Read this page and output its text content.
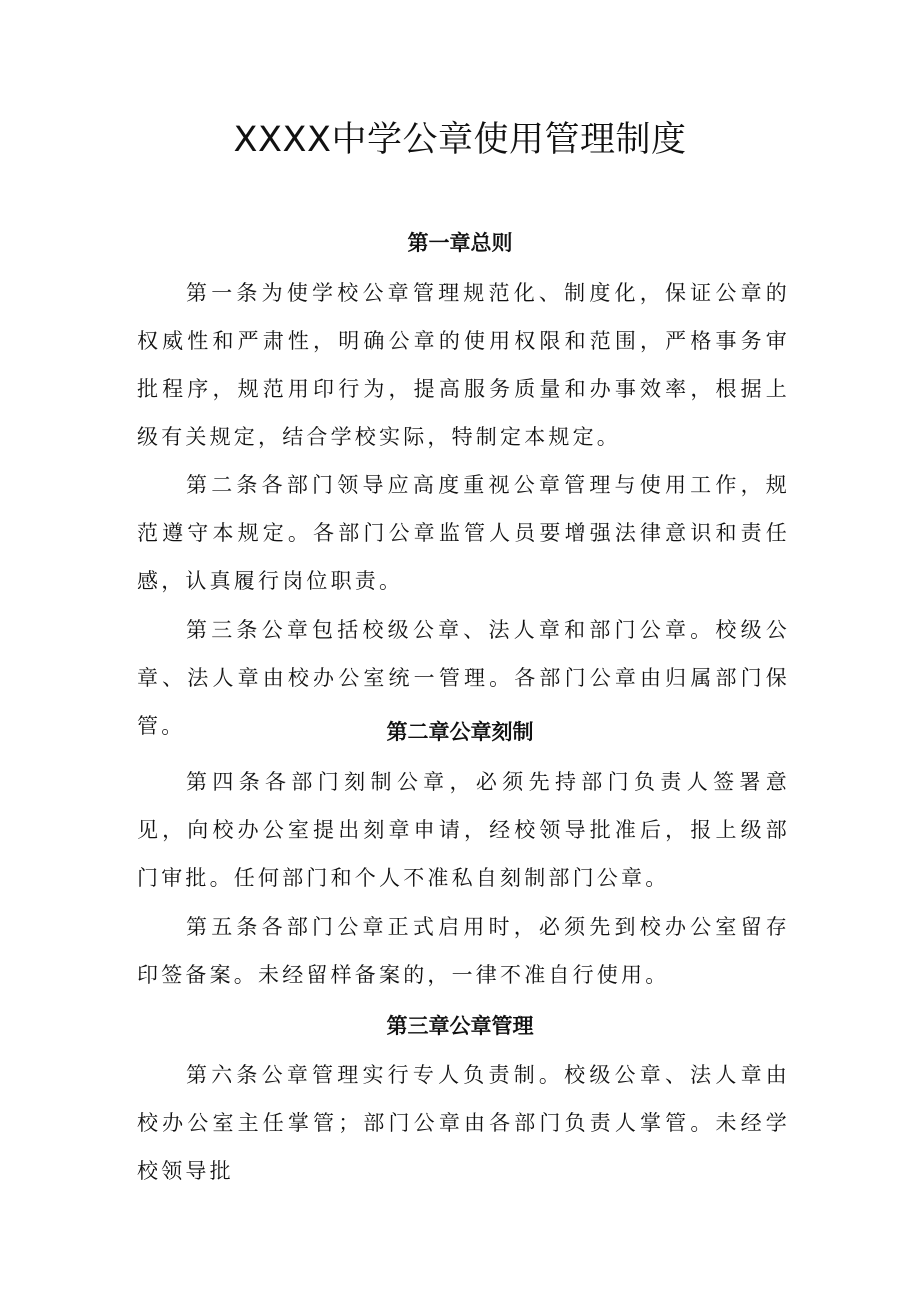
XXXX中学公章使用管理制度
第一章总则

第一条为使学校公章管理规范化、制度化，保证公章的权威性和严肃性，明确公章的使用权限和范围，严格事务审批程序，规范用印行为，提高服务质量和办事效率，根据上级有关规定，结合学校实际，特制定本规定。

第二条各部门领导应高度重视公章管理与使用工作，规范遵守本规定。各部门公章监管人员要增强法律意识和责任感，认真履行岗位职责。

第三条公章包括校级公章、法人章和部门公章。校级公章、法人章由校办公室统一管理。各部门公章由归属部门保管。	第二章公章刻制

第四条各部门刻制公章，必须先持部门负责人签署意见，向校办公室提出刻章申请，经校领导批准后，报上级部门审批。任何部门和个人不准私自刻制部门公章。

第五条各部门公章正式启用时，必须先到校办公室留存印签备案。未经留样备案的，一律不准自行使用。

第三章公章管理

第六条公章管理实行专人负责制。校级公章、法人章由校办公室主任掌管；部门公章由各部门负责人掌管。未经学校领导批
